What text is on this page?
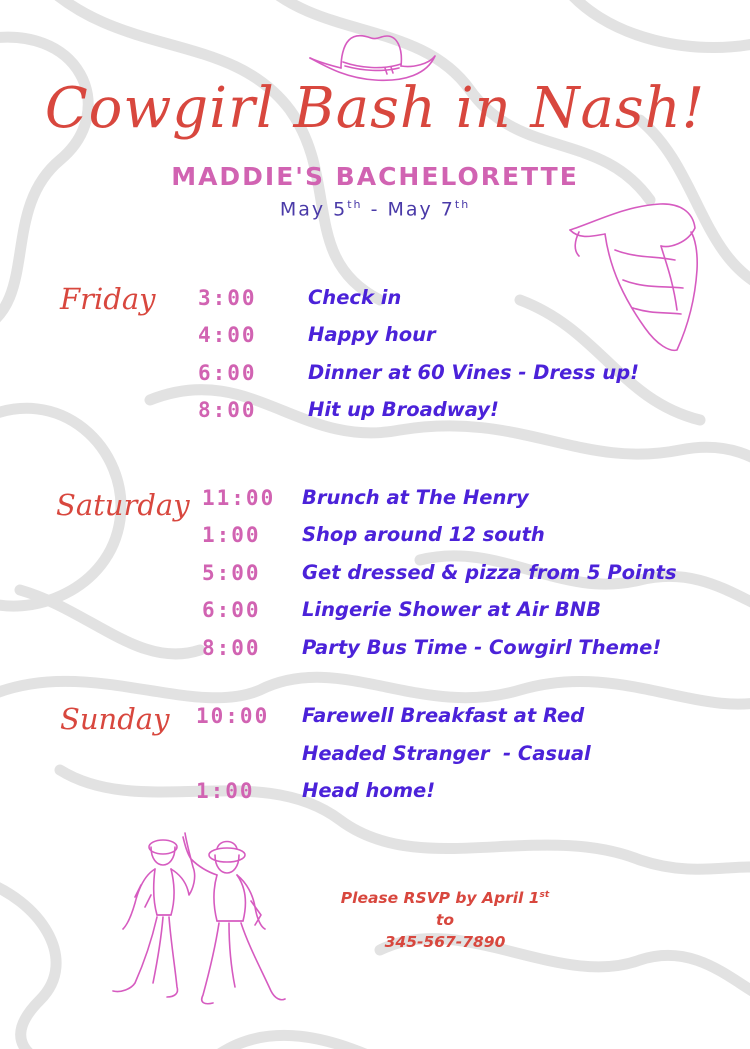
Cowgirl Bash in Nash!
MADDIE'S BACHELORETTE
May 5th - May 7th
Friday 3:00	Check in
4:00	Happy hour
6:00	Dinner at 60 Vines - Dress up!
8:00	Hit up Broadway!
Saturday 11:00 Brunch at The Henry
1:00 Shop around 12 south
5:00 Get dressed & pizza from 5 Points
6:00 Lingerie Shower at Air BNB
8:00 Party Bus Time - Cowgirl Theme!
Sunday 10:00 Farewell Breakfast at Red
Headed Stranger  - Casual
1:00 Head home!
Please RSVP by April 1st
to
345-567-7890
